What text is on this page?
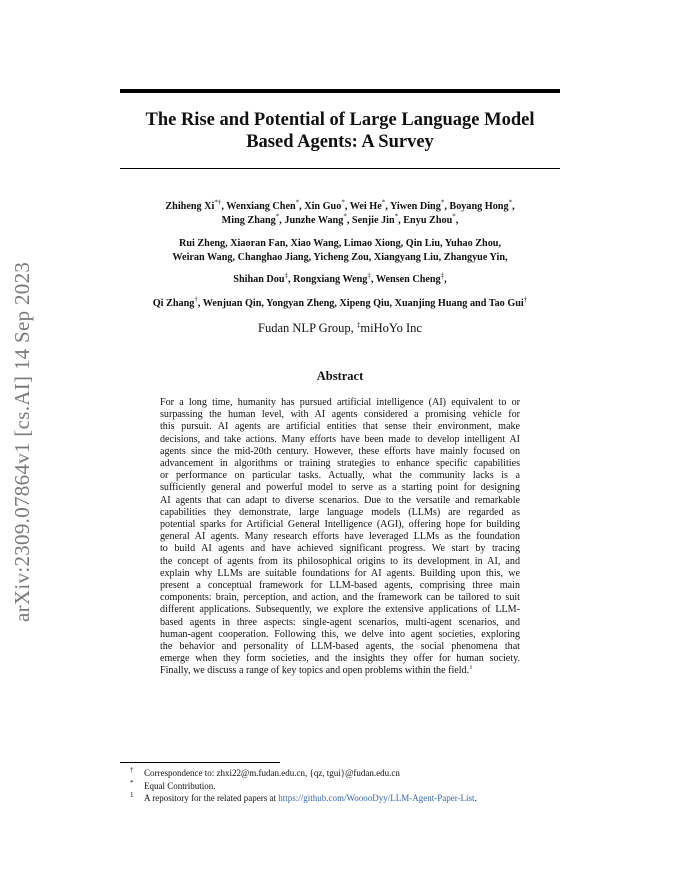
arXiv:2309.07864v1 [cs.AI] 14 Sep 2023
The Rise and Potential of Large Language Model
Based Agents: A Survey
Zhiheng Xi*†, Wenxiang Chen*, Xin Guo*, Wei He*, Yiwen Ding*, Boyang Hong*,
Ming Zhang*, Junzhe Wang*, Senjie Jin*, Enyu Zhou*,
Rui Zheng, Xiaoran Fan, Xiao Wang, Limao Xiong, Qin Liu, Yuhao Zhou,
Weiran Wang, Changhao Jiang, Yicheng Zou, Xiangyang Liu, Zhangyue Yin,
Shihan Dou‡, Rongxiang Weng‡, Wensen Cheng‡,
Qi Zhang†, Wenjuan Qin, Yongyan Zheng, Xipeng Qiu, Xuanjing Huang and Tao Gui†
Fudan NLP Group, ‡miHoYo Inc
Abstract
For a long time, humanity has pursued artificial intelligence (AI) equivalent to or
surpassing the human level, with AI agents considered a promising vehicle for
this pursuit. AI agents are artificial entities that sense their environment, make
decisions, and take actions. Many efforts have been made to develop intelligent AI
agents since the mid-20th century. However, these efforts have mainly focused on
advancement in algorithms or training strategies to enhance specific capabilities
or performance on particular tasks. Actually, what the community lacks is a
sufficiently general and powerful model to serve as a starting point for designing
AI agents that can adapt to diverse scenarios. Due to the versatile and remarkable
capabilities they demonstrate, large language models (LLMs) are regarded as
potential sparks for Artificial General Intelligence (AGI), offering hope for building
general AI agents. Many research efforts have leveraged LLMs as the foundation
to build AI agents and have achieved significant progress. We start by tracing
the concept of agents from its philosophical origins to its development in AI, and
explain why LLMs are suitable foundations for AI agents. Building upon this, we
present a conceptual framework for LLM-based agents, comprising three main
components: brain, perception, and action, and the framework can be tailored to suit
different applications. Subsequently, we explore the extensive applications of LLM-
based agents in three aspects: single-agent scenarios, multi-agent scenarios, and
human-agent cooperation. Following this, we delve into agent societies, exploring
the behavior and personality of LLM-based agents, the social phenomena that
emerge when they form societies, and the insights they offer for human society.
Finally, we discuss a range of key topics and open problems within the field.$^1$
† Correspondence to: zhxi22@m.fudan.edu.cn, {qz, tgui}@fudan.edu.cn
* Equal Contribution.
1 A repository for the related papers at https://github.com/WooooDyy/LLM-Agent-Paper-List.
